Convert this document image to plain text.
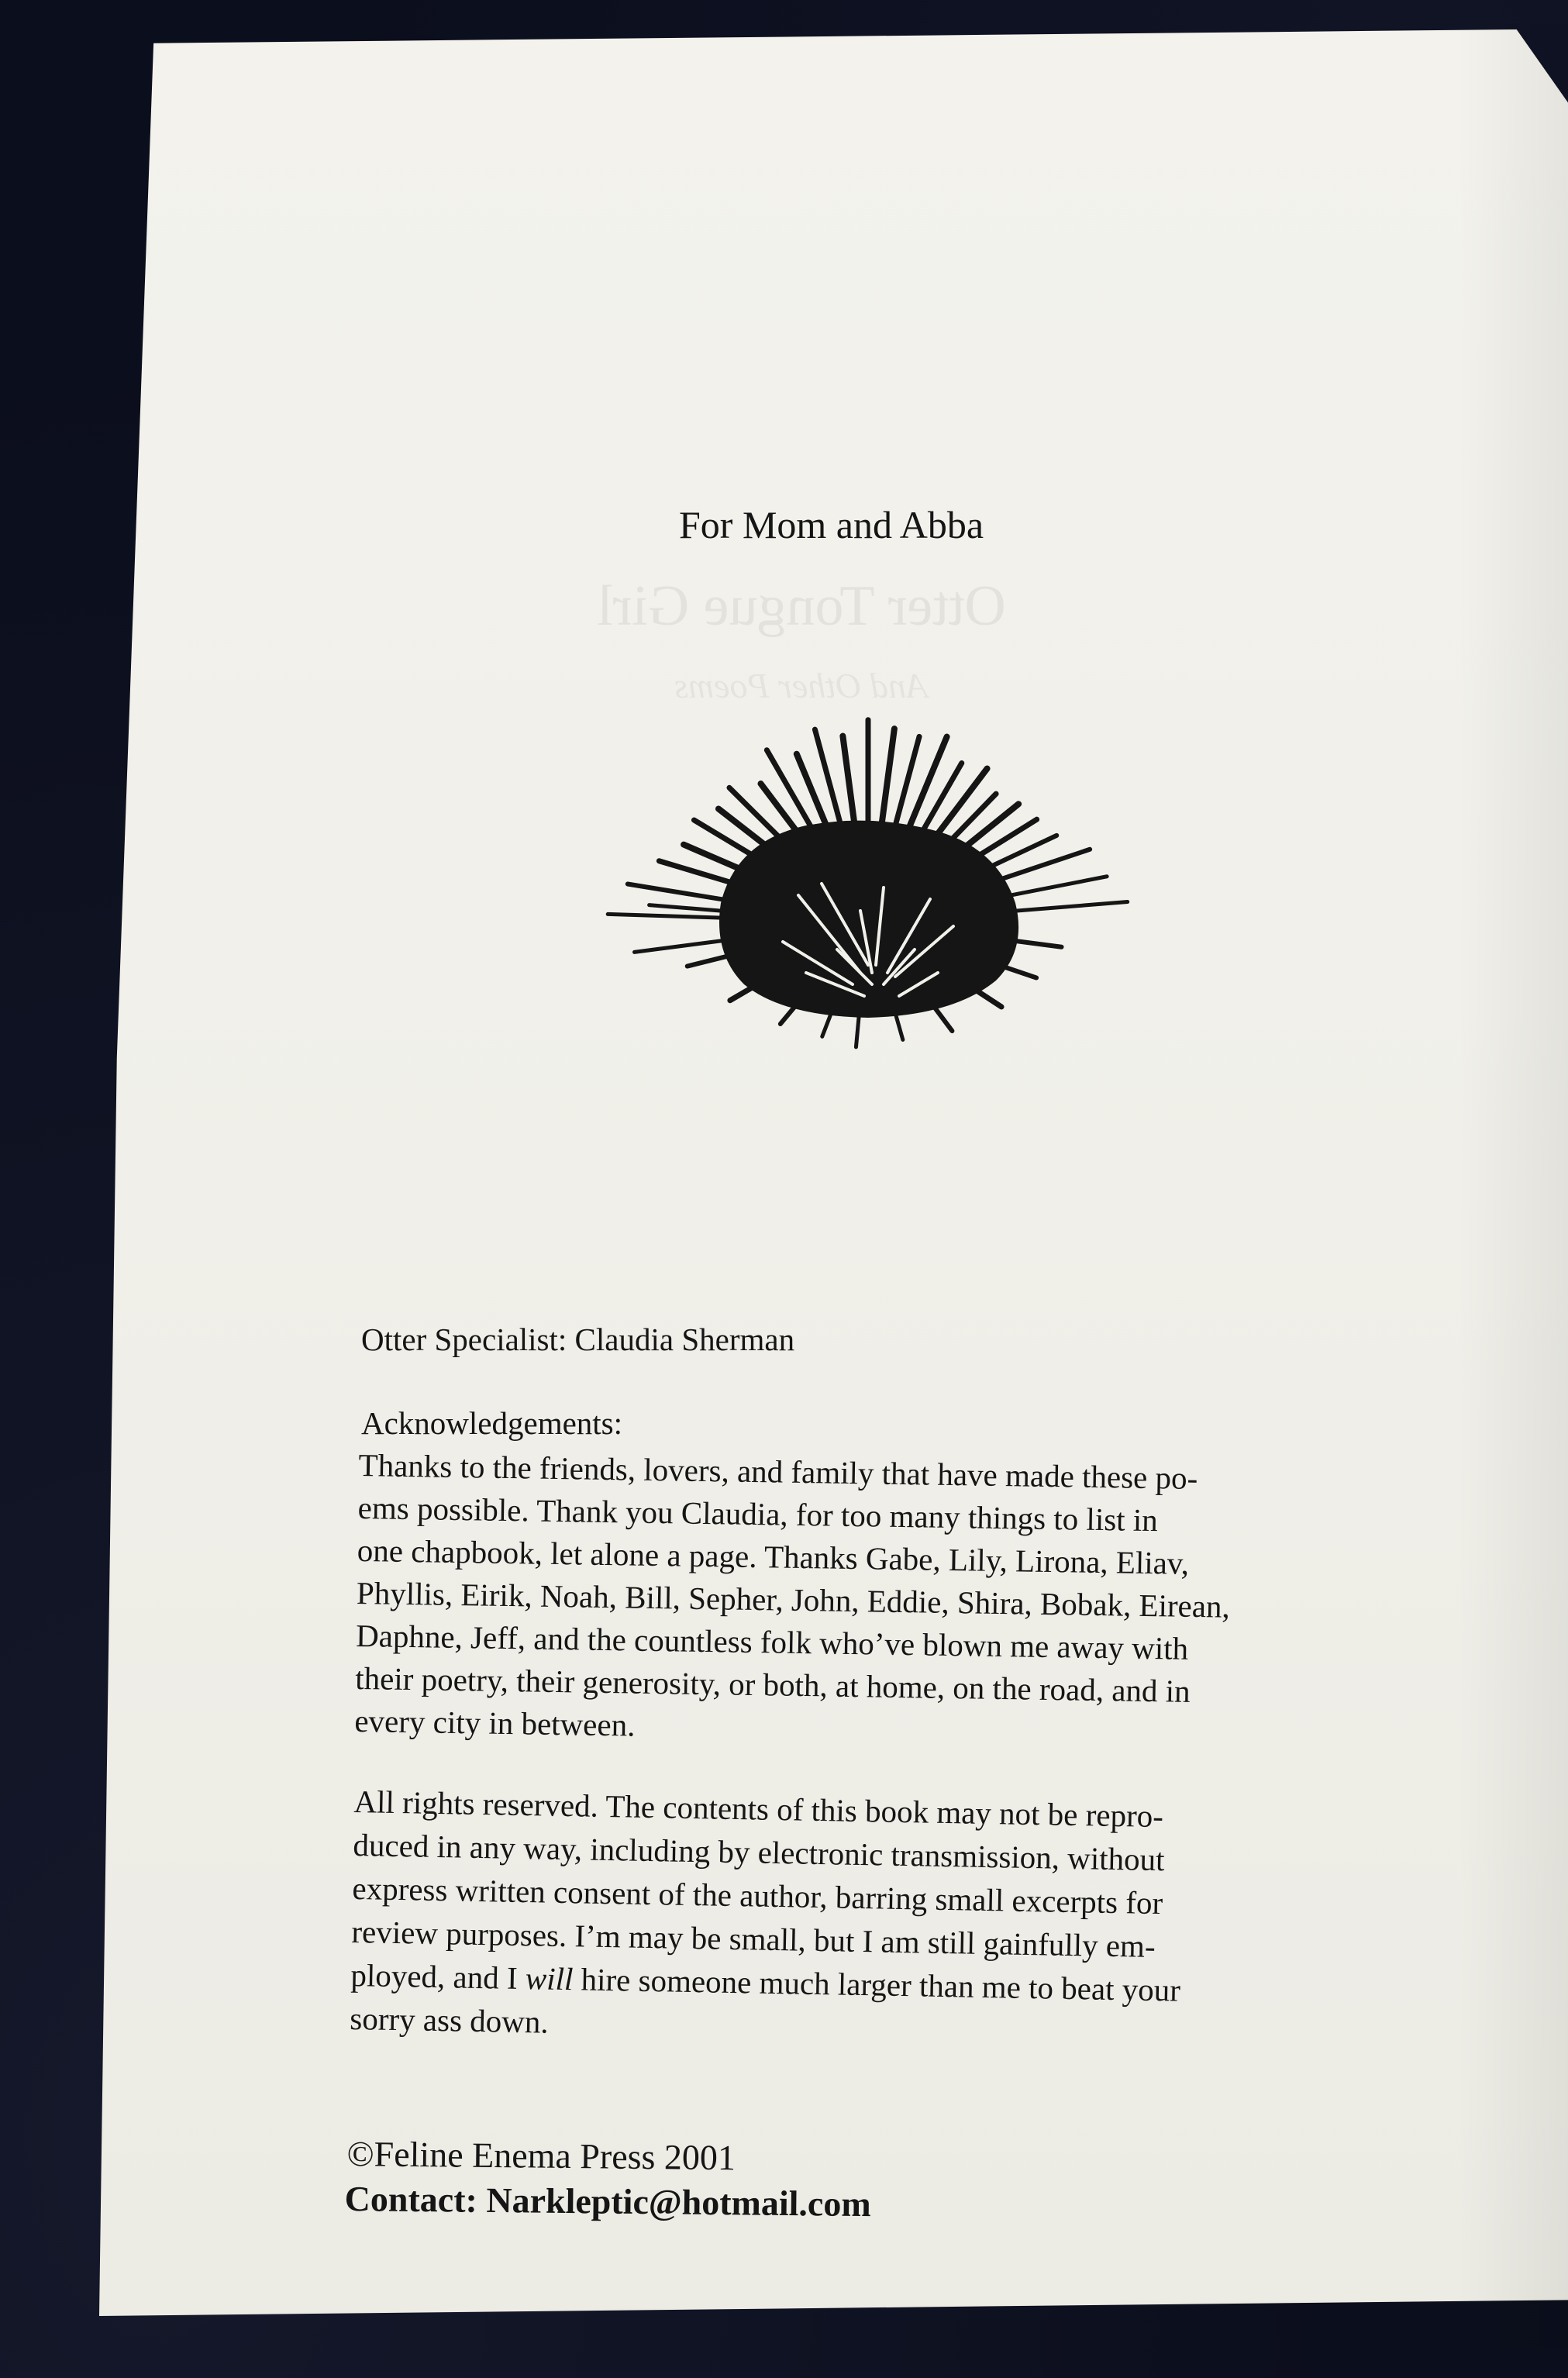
For Mom and Abba
Otter Tongue Girl
And Other Poems
Otter Specialist: Claudia Sherman
Acknowledgements:
Thanks to the friends, lovers, and family that have made these po-
ems possible. Thank you Claudia, for too many things to list in
one chapbook, let alone a page. Thanks Gabe, Lily, Lirona, Eliav,
Phyllis, Eirik, Noah, Bill, Sepher, John, Eddie, Shira, Bobak, Eirean,
Daphne, Jeff, and the countless folk who’ve blown me away with
their poetry, their generosity, or both, at home, on the road, and in
every city in between.
All rights reserved. The contents of this book may not be repro-
duced in any way, including by electronic transmission, without
express written consent of the author, barring small excerpts for
review purposes. I’m may be small, but I am still gainfully em-
ployed, and I will hire someone much larger than me to beat your
sorry ass down.
©Feline Enema Press 2001
Contact: Narkleptic@hotmail.com
